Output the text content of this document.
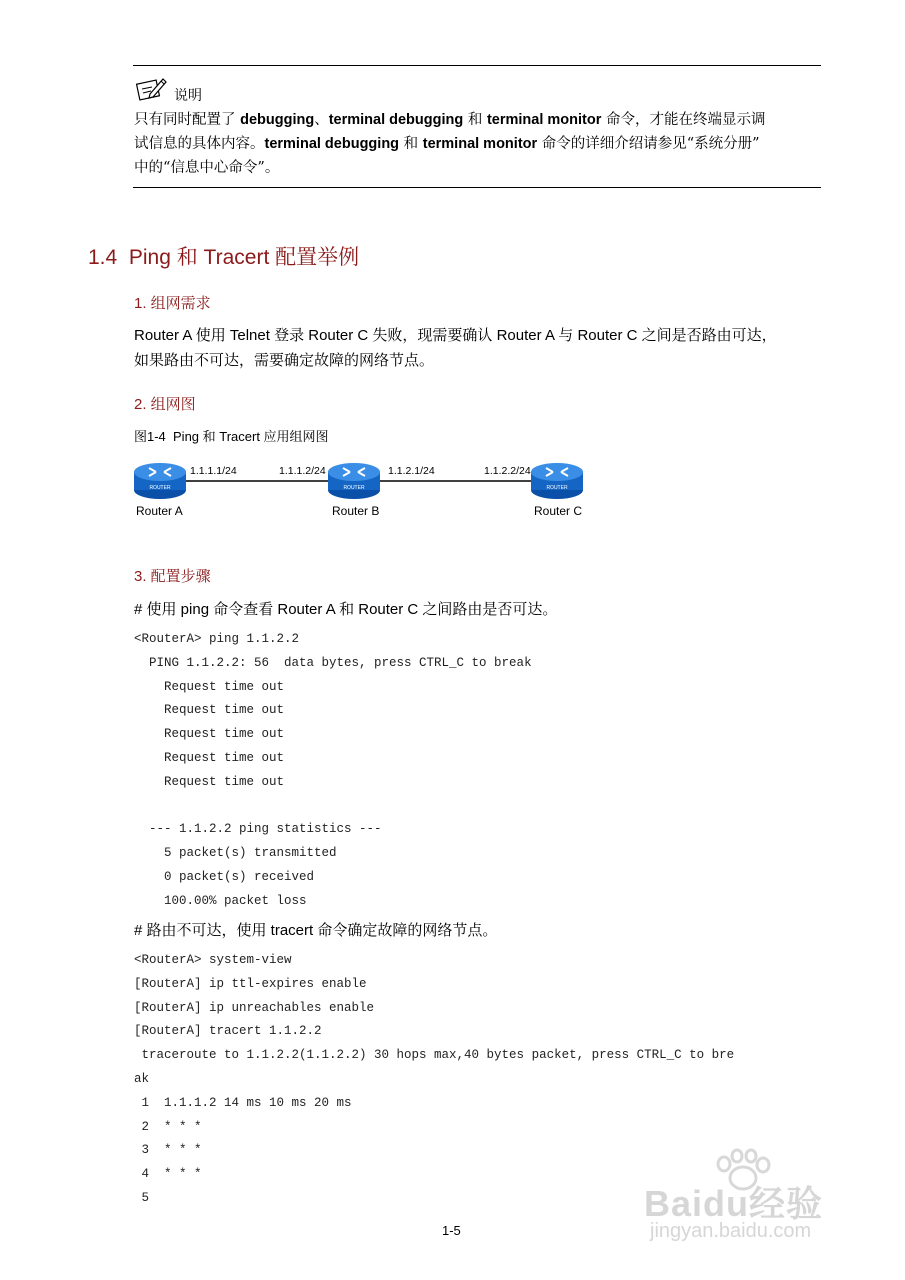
说明
只有同时配置了 debugging、terminal debugging 和 terminal monitor 命令，才能在终端显示调
试信息的具体内容。terminal debugging 和 terminal monitor 命令的详细介绍请参见“系统分册”
中的“信息中心命令”。
1.4  Ping 和 Tracert 配置举例
1. 组网需求
Router A 使用 Telnet 登录 Router C 失败，现需要确认 Router A 与 Router C 之间是否路由可达，
如果路由不可达，需要确定故障的网络节点。
2. 组网图
图1-4  Ping 和 Tracert 应用组网图
ROUTER	ROUTER	ROUTER
1.1.1.1/24	1.1.1.2/24	1.1.2.1/24	1.1.2.2/24
Router A	Router B	Router C
3. 配置步骤
# 使用 ping 命令查看 Router A 和 Router C 之间路由是否可达。
<RouterA> ping 1.1.2.2
PING 1.1.2.2: 56  data bytes, press CTRL_C to break
Request time out
Request time out
Request time out
Request time out
Request time out
--- 1.1.2.2 ping statistics ---
5 packet(s) transmitted
0 packet(s) received
100.00% packet loss
# 路由不可达，使用 tracert 命令确定故障的网络节点。
<RouterA> system-view
[RouterA] ip ttl-expires enable
[RouterA] ip unreachables enable
[RouterA] tracert 1.1.2.2
traceroute to 1.1.2.2(1.1.2.2) 30 hops max,40 bytes packet, press CTRL_C to bre
ak
1  1.1.1.2 14 ms 10 ms 20 ms
2  * * *
3  * * *
4  * * *
5
1-5
Baidu经验
jingyan.baidu.com
